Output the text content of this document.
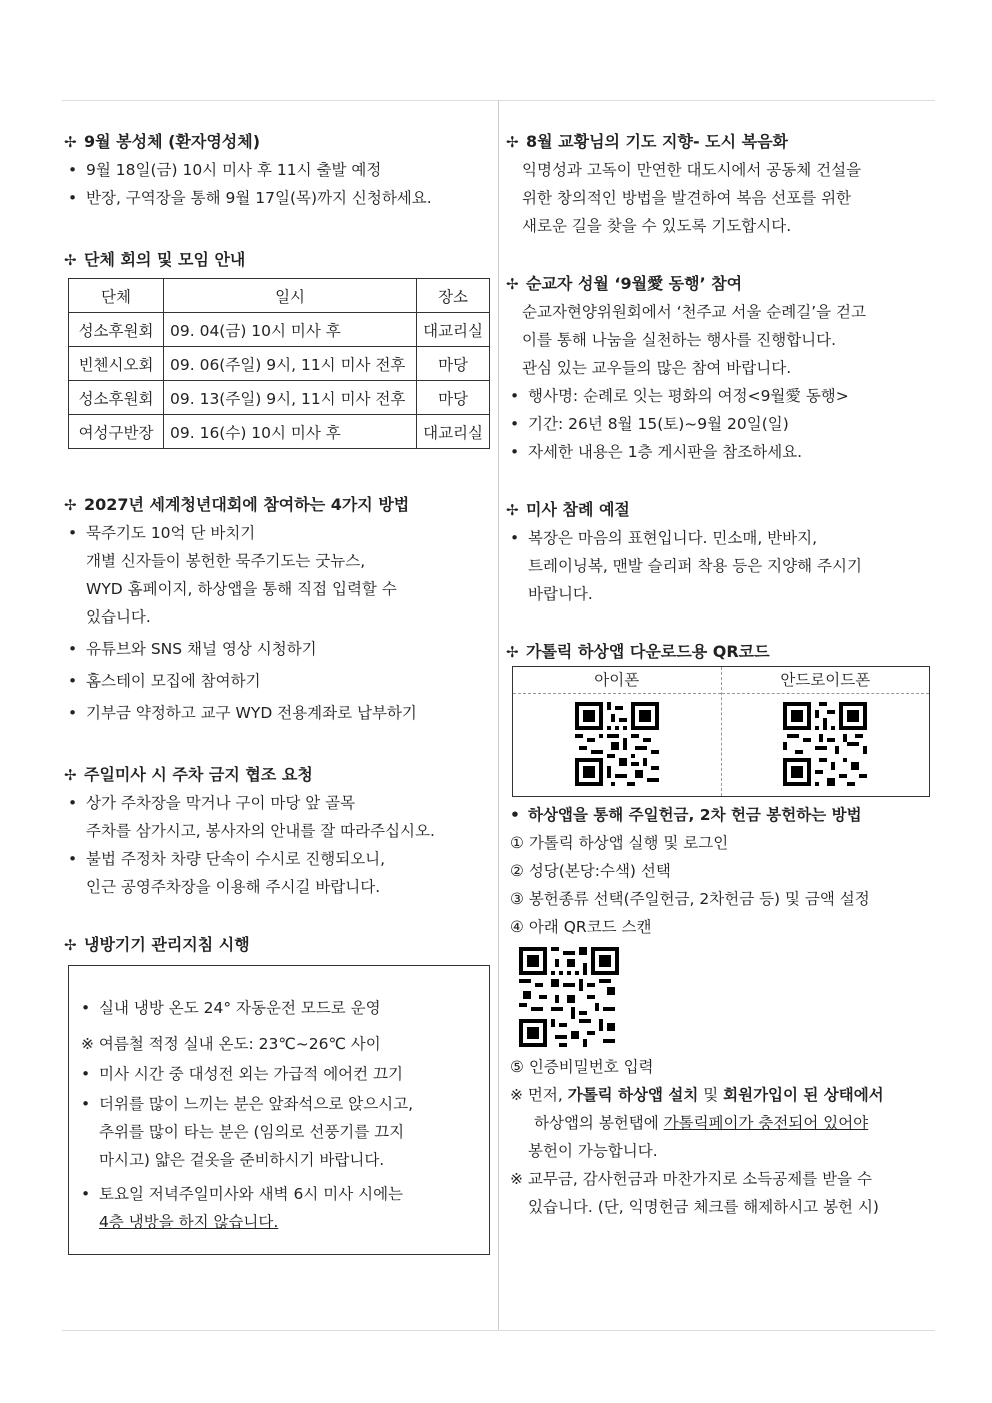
✢ 9월 봉성체 (환자영성체)
• 9월 18일(금) 10시 미사 후 11시 출발 예정
• 반장, 구역장을 통해 9월 17일(목)까지 신청하세요.
✢ 단체 회의 및 모임 안내
단체	일시	장소
성소후원회	09. 04(금) 10시 미사 후	대교리실
빈첸시오회	09. 06(주일) 9시, 11시 미사 전후	마당
성소후원회	09. 13(주일) 9시, 11시 미사 전후	마당
여성구반장	09. 16(수) 10시 미사 후	대교리실
✢ 2027년 세계청년대회에 참여하는 4가지 방법
• 묵주기도 10억 단 바치기
개별 신자들이 봉헌한 묵주기도는 굿뉴스,
WYD 홈페이지, 하상앱을 통해 직접 입력할 수
있습니다.
• 유튜브와 SNS 채널 영상 시청하기
• 홈스테이 모집에 참여하기
• 기부금 약정하고 교구 WYD 전용계좌로 납부하기
✢ 주일미사 시 주차 금지 협조 요청
• 상가 주차장을 막거나 구이 마당 앞 골목
주차를 삼가시고, 봉사자의 안내를 잘 따라주십시오.
• 불법 주정차 차량 단속이 수시로 진행되오니,
인근 공영주차장을 이용해 주시길 바랍니다.
✢ 냉방기기 관리지침 시행
• 실내 냉방 온도 24° 자동운전 모드로 운영
※ 여름철 적정 실내 온도: 23℃~26℃ 사이
• 미사 시간 중 대성전 외는 가급적 에어컨 끄기
• 더위를 많이 느끼는 분은 앞좌석으로 앉으시고,
추위를 많이 타는 분은 (임의로 선풍기를 끄지
마시고) 얇은 겉옷을 준비하시기 바랍니다.
• 토요일 저녁주일미사와 새벽 6시 미사 시에는
4층 냉방을 하지 않습니다.
✢ 8월 교황님의 기도 지향- 도시 복음화
익명성과 고독이 만연한 대도시에서 공동체 건설을
위한 창의적인 방법을 발견하여 복음 선포를 위한
새로운 길을 찾을 수 있도록 기도합시다.
✢ 순교자 성월 ‘9월愛 동행’ 참여
순교자현양위원회에서 ‘천주교 서울 순례길’을 걷고
이를 통해 나눔을 실천하는 행사를 진행합니다.
관심 있는 교우들의 많은 참여 바랍니다.
• 행사명: 순례로 잇는 평화의 여정<9월愛 동행>
• 기간: 26년 8월 15(토)~9월 20일(일)
• 자세한 내용은 1층 게시판을 참조하세요.
✢ 미사 참례 예절
• 복장은 마음의 표현입니다. 민소매, 반바지,
트레이닝복, 맨발 슬리퍼 착용 등은 지양해 주시기
바랍니다.
✢ 가톨릭 하상앱 다운로드용 QR코드
아이폰	안드로이드폰
• 하상앱을 통해 주일헌금, 2차 헌금 봉헌하는 방법
① 가톨릭 하상앱 실행 및 로그인
② 성당(본당:수색) 선택
③ 봉헌종류 선택(주일헌금, 2차헌금 등) 및 금액 설정
④ 아래 QR코드 스캔
⑤ 인증비밀번호 입력
※ 먼저, 가톨릭 하상앱 설치 및 회원가입이 된 상태에서
하상앱의 봉헌탭에 가톨릭페이가 충전되어 있어야
봉헌이 가능합니다.
※ 교무금, 감사헌금과 마찬가지로 소득공제를 받을 수
있습니다. (단, 익명헌금 체크를 해제하시고 봉헌 시)
